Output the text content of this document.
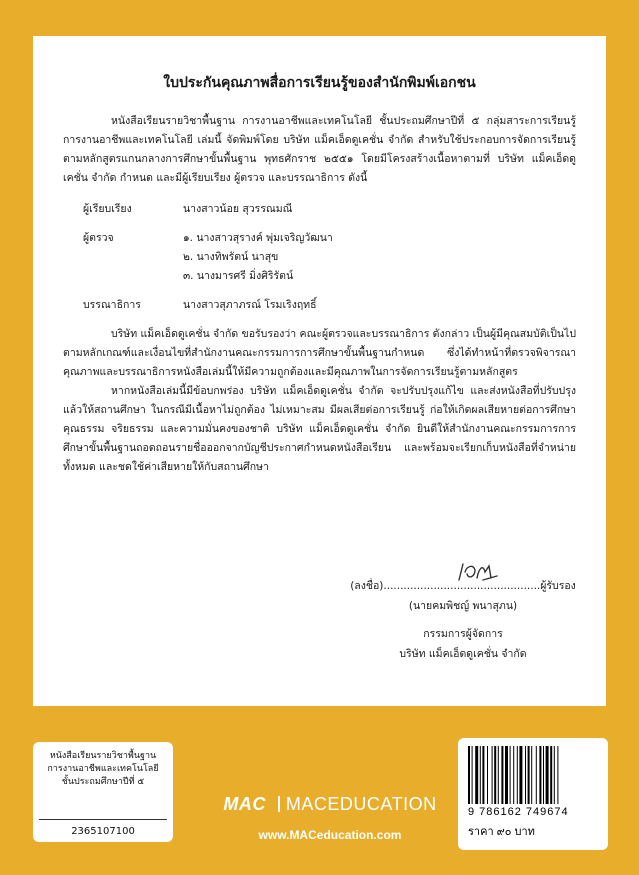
ใบประกันคุณภาพสื่อการเรียนรู้ของสำนักพิมพ์เอกชน

หนังสือเรียนรายวิชาพื้นฐาน การงานอาชีพและเทคโนโลยี ชั้นประถมศึกษาปีที่ ๕ กลุ่มสาระการเรียนรู้การงานอาชีพและเทคโนโลยี เล่มนี้ จัดพิมพ์โดย บริษัท แม็คเอ็ดดูเคชั่น จำกัด สำหรับใช้ประกอบการจัดการเรียนรู้ตามหลักสูตรแกนกลางการศึกษาขั้นพื้นฐาน พุทธศักราช ๒๕๕๑ โดยมีโครงสร้างเนื้อหาตามที่ บริษัท แม็คเอ็ดดูเคชั่น จำกัด กำหนด และมีผู้เรียบเรียง ผู้ตรวจ และบรรณาธิการ ดังนี้

ผู้เรียบเรียง	นางสาวน้อย สุวรรณมณี
ผู้ตรวจ	๑. นางสาวสุรางค์ พุ่มเจริญวัฒนา
๒. นางทิพรัตน์ นาสุข
๓. นางมารศรี มิ่งศิริรัตน์
บรรณาธิการ	นางสาวสุภาภรณ์ โรมเริงฤทธิ์

บริษัท แม็คเอ็ดดูเคชั่น จำกัด ขอรับรองว่า คณะผู้ตรวจและบรรณาธิการ ดังกล่าว เป็นผู้มีคุณสมบัติเป็นไปตามหลักเกณฑ์และเงื่อนไขที่สำนักงานคณะกรรมการการศึกษาขั้นพื้นฐานกำหนด ซึ่งได้ทำหน้าที่ตรวจพิจารณาคุณภาพและบรรณาธิการหนังสือเล่มนี้ให้มีความถูกต้องและมีคุณภาพในการจัดการเรียนรู้ตามหลักสูตร

หากหนังสือเล่มนี้มีข้อบกพร่อง บริษัท แม็คเอ็ดดูเคชั่น จำกัด จะปรับปรุงแก้ไข และส่งหนังสือที่ปรับปรุงแล้วให้สถานศึกษา ในกรณีมีเนื้อหาไม่ถูกต้อง ไม่เหมาะสม มีผลเสียต่อการเรียนรู้ ก่อให้เกิดผลเสียหายต่อการศึกษา คุณธรรม จริยธรรม และความมั่นคงของชาติ บริษัท แม็คเอ็ดดูเคชั่น จำกัด ยินดีให้สำนักงานคณะกรรมการการศึกษาขั้นพื้นฐานถอดถอนรายชื่อออกจากบัญชีประกาศกำหนดหนังสือเรียน และพร้อมจะเรียกเก็บหนังสือที่จำหน่ายทั้งหมด และชดใช้ค่าเสียหายให้กับสถานศึกษา

(ลงชื่อ)...............................................ผู้รับรอง
(นายคมพิชญ์ พนาสุภน)
กรรมการผู้จัดการ
บริษัท แม็คเอ็ดดูเคชั่น จำกัด
หนังสือเรียนรายวิชาพื้นฐาน
การงานอาชีพและเทคโนโลยี
ชั้นประถมศึกษาปีที่ ๕
2365107100
MAC MACEDUCATION
www.MACeducation.com
9 786162 749674
ราคา ๙๐ บาท
